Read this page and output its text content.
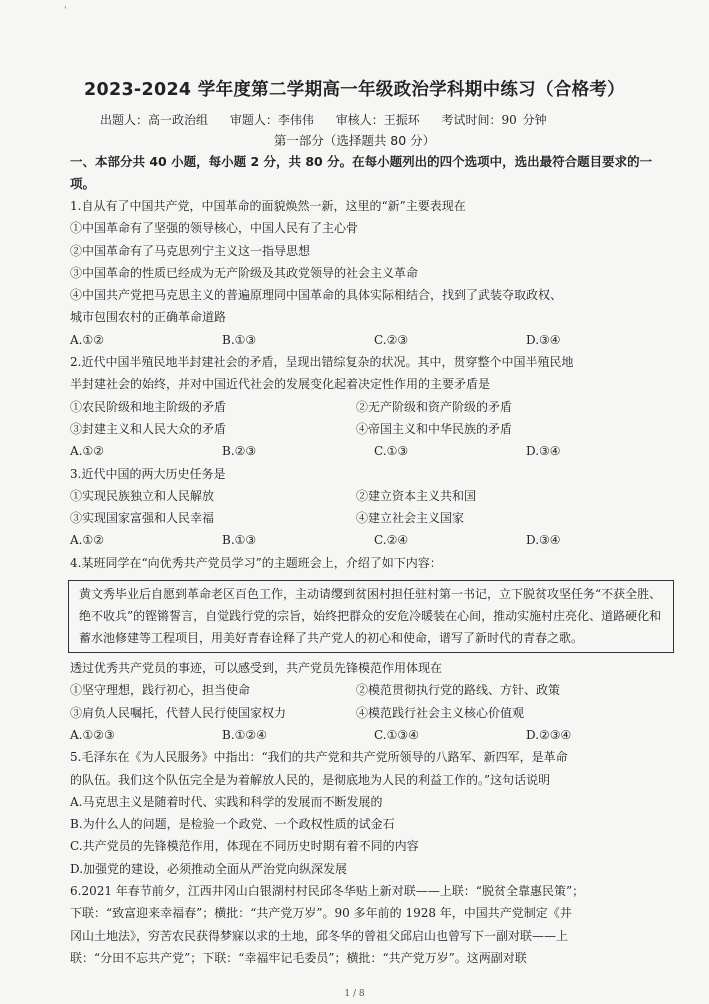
'
2023-2024 学年度第二学期高一年级政治学科期中练习（合格考）
出题人：高一政治组 审题人：李伟伟 审核人：王振环 考试时间：90 分钟
第一部分（选择题共 80 分）
一、本部分共 40 小题，每小题 2 分，共 80 分。在每小题列出的四个选项中，选出最符合题目要求的一项。
1.自从有了中国共产党，中国革命的面貌焕然一新，这里的“新”主要表现在
①中国革命有了坚强的领导核心，中国人民有了主心骨
②中国革命有了马克思列宁主义这一指导思想
③中国革命的性质已经成为无产阶级及其政党领导的社会主义革命
④中国共产党把马克思主义的普遍原理同中国革命的具体实际相结合，找到了武装夺取政权、
城市包围农村的正确革命道路
A.①②	B.①③	C.②③	D.③④
2.近代中国半殖民地半封建社会的矛盾，呈现出错综复杂的状况。其中，贯穿整个中国半殖民地
半封建社会的始终，并对中国近代社会的发展变化起着决定性作用的主要矛盾是
①农民阶级和地主阶级的矛盾	②无产阶级和资产阶级的矛盾
③封建主义和人民大众的矛盾	④帝国主义和中华民族的矛盾
A.①②	B.②③	C.①③	D.③④
3.近代中国的两大历史任务是
①实现民族独立和人民解放	②建立资本主义共和国
③实现国家富强和人民幸福	④建立社会主义国家
A.①②	B.①③	C.②④	D.③④
4.某班同学在“向优秀共产党员学习”的主题班会上，介绍了如下内容：
黄文秀毕业后自愿到革命老区百色工作，主动请缨到贫困村担任驻村第一书记，立下脱贫攻坚任务“不获全胜、绝不收兵”的铿锵誓言，自觉践行党的宗旨，始终把群众的安危冷暖装在心间，推动实施村庄亮化、道路硬化和蓄水池修建等工程项目，用美好青春诠释了共产党人的初心和使命，谱写了新时代的青春之歌。
透过优秀共产党员的事迹，可以感受到，共产党员先锋模范作用体现在
①坚守理想，践行初心，担当使命	②模范贯彻执行党的路线、方针、政策
③肩负人民嘱托，代替人民行使国家权力	④模范践行社会主义核心价值观
A.①②③	B.①②④	C.①③④	D.②③④
5.毛泽东在《为人民服务》中指出：“我们的共产党和共产党所领导的八路军、新四军，是革命
的队伍。我们这个队伍完全是为着解放人民的，是彻底地为人民的利益工作的。”这句话说明
A.马克思主义是随着时代、实践和科学的发展而不断发展的
B.为什么人的问题，是检验一个政党、一个政权性质的试金石
C.共产党员的先锋模范作用，体现在不同历史时期有着不同的内容
D.加强党的建设，必须推动全面从严治党向纵深发展
6.2021 年春节前夕，江西井冈山白银湖村村民邱冬华贴上新对联——上联：“脱贫全靠惠民策”；
下联：“致富迎来幸福春”；横批：“共产党万岁”。90 多年前的 1928 年，中国共产党制定《井
冈山土地法》，穷苦农民获得梦寐以求的土地，邱冬华的曾祖父邱启山也曾写下一副对联——上
联：“分田不忘共产党”；下联：“幸福牢记毛委员”；横批：“共产党万岁”。这两副对联
1 / 8
